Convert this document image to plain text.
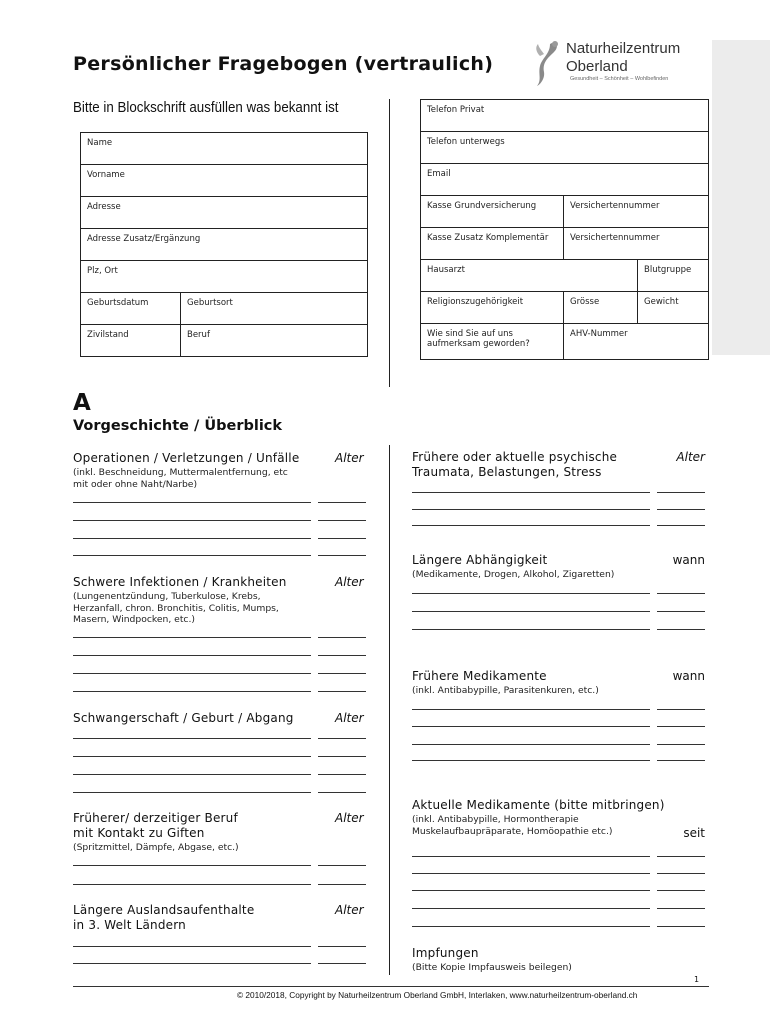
Persönlicher Fragebogen (vertraulich)
Bitte in Blockschrift ausfüllen was bekannt ist
Naturheilzentrum
Oberland
Gesundheit – Schönheit – Wohlbefinden
Name	
Vorname	
Adresse	
Adresse Zusatz/Ergänzung	
Plz, Ort	
Geburtsdatum	Geburtsort
Zivilstand	Beruf
Telefon Privat		
Telefon unterwegs		
Email		
Kasse Grundversicherung	Versichertennummer	
Kasse Zusatz Komplementär	Versichertennummer	
Hausarzt		Blutgruppe
Religionszugehörigkeit	Grösse	Gewicht
Wie sind Sie auf uns aufmerksam geworden?	AHV-Nummer	
A
Vorgeschichte / Überblick
Operationen / Verletzungen / Unfälle	Alter
(inkl. Beschneidung, Muttermalentfernung, etc
mit oder ohne Naht/Narbe)
Schwere Infektionen / Krankheiten	Alter
(Lungenentzündung, Tuberkulose, Krebs,
Herzanfall, chron. Bronchitis, Colitis, Mumps,
Masern, Windpocken, etc.)
Schwangerschaft / Geburt / Abgang	Alter
Früherer/ derzeitiger Beruf
mit Kontakt zu Giften
Alter
(Spritzmittel, Dämpfe, Abgase, etc.)
Längere Auslandsaufenthalte
in 3. Welt Ländern
Alter
Frühere oder aktuelle psychische
Traumata, Belastungen, Stress
Alter
Längere Abhängigkeit	wann
(Medikamente, Drogen, Alkohol, Zigaretten)
Frühere Medikamente	wann
(inkl. Antibabypille, Parasitenkuren, etc.)
Aktuelle Medikamente (bitte mitbringen)
seit
(inkl. Antibabypille, Hormontherapie
Muskelaufbaupräparate, Homöopathie etc.)
Impfungen
(Bitte Kopie Impfausweis beilegen)
1
© 2010/2018, Copyright by Naturheilzentrum Oberland GmbH, Interlaken, www.naturheilzentrum-oberland.ch
